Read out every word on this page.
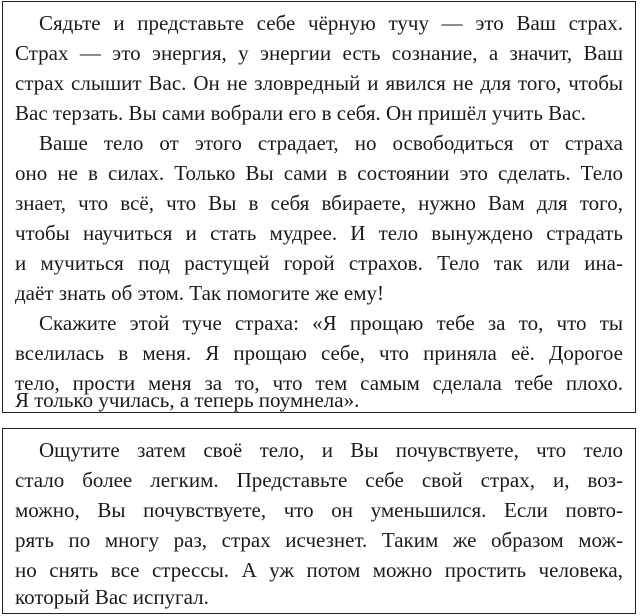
Сядьте и представьте себе чёрную тучу — это Ваш страх.
Страх — это энергия, у энергии есть сознание, а значит, Ваш
страх слышит Вас. Он не зловредный и явился не для того, чтобы
Вас терзать. Вы сами вобрали его в себя. Он пришёл учить Вас.
Ваше тело от этого страдает, но освободиться от страха
оно не в силах. Только Вы сами в состоянии это сделать. Тело
знает, что всё, что Вы в себя вбираете, нужно Вам для того,
чтобы научиться и стать мудрее. И тело вынуждено страдать
и мучиться под растущей горой страхов. Тело так или ина-
даёт знать об этом. Так помогите же ему!
Скажите этой туче страха: «Я прощаю тебе за то, что ты
вселилась в меня. Я прощаю себе, что приняла её. Дорогое
тело, прости меня за то, что тем самым сделала тебе плохо.
Я только училась, а теперь поумнела».
Ощутите затем своё тело, и Вы почувствуете, что тело
стало более легким. Представьте себе свой страх, и, воз-
можно, Вы почувствуете, что он уменьшился. Если повто-
рять по многу раз, страх исчезнет. Таким же образом мож-
но снять все стрессы. А уж потом можно простить человека,
который Вас испугал.
